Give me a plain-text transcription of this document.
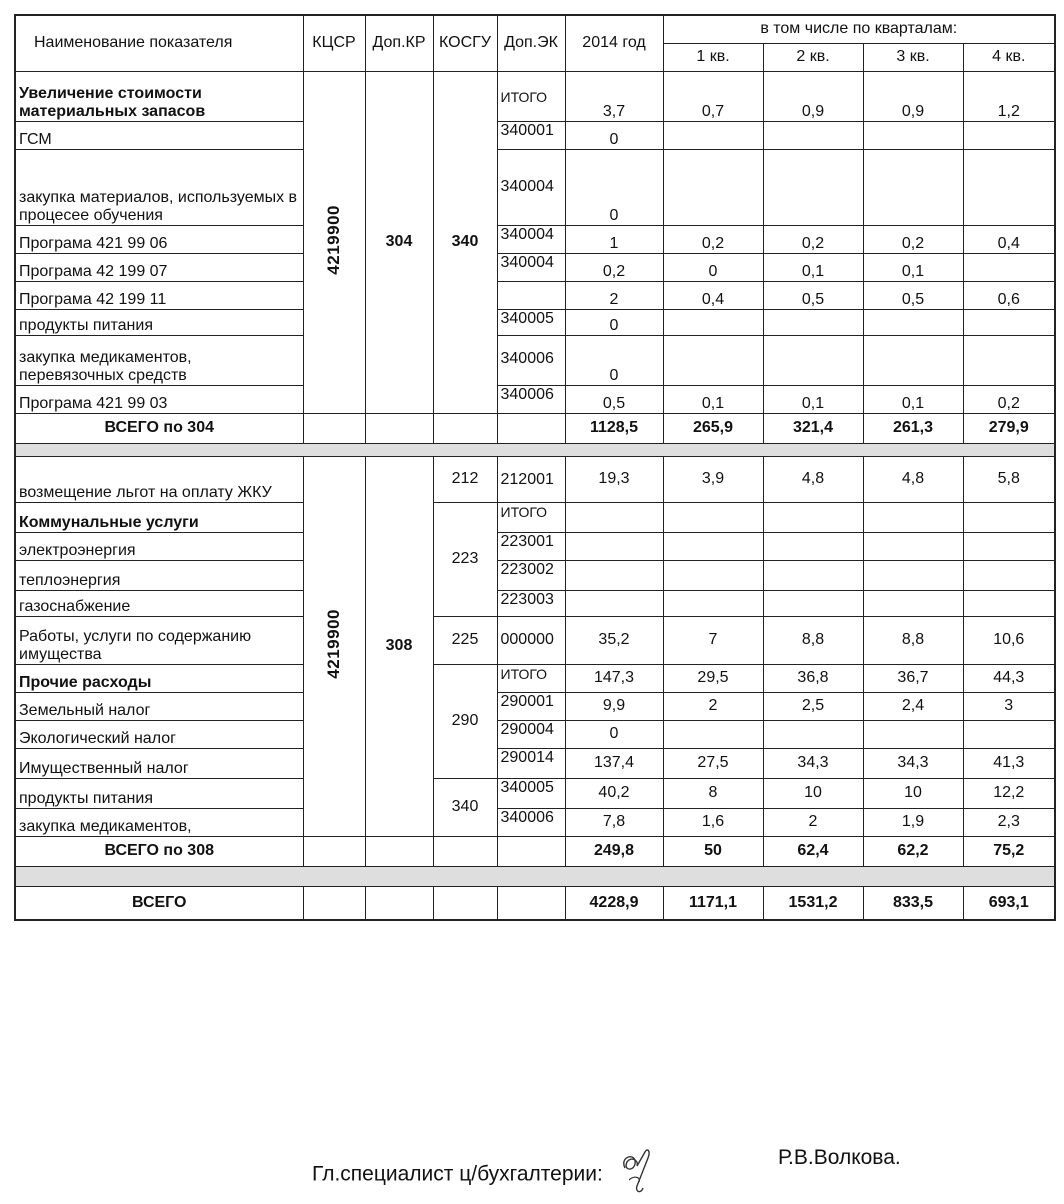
Наименование показателя	КЦСР	Доп.КР	КОСГУ	Доп.ЭК	2014 год	в том числе по кварталам:			
						1 кв.	2 кв.	3 кв.	4 кв.
Увеличение стоимости материальных запасов	4219900	304	340	ИТОГО	3,7	0,7	0,9	0,9	1,2
ГСМ				340001	0				
закупка материалов, используемых в процесее обучения				340004	0				
Програма 421 99 06				340004	1	0,2	0,2	0,2	0,4
Програма 42 199 07				340004	0,2	0	0,1	0,1	
Програма 42 199 11					2	0,4	0,5	0,5	0,6
продукты питания				340005	0				
закупка медикаментов, перевязочных средств				340006	0				
Програма 421 99 03				340006	0,5	0,1	0,1	0,1	0,2
ВСЕГО по 304					1128,5	265,9	321,4	261,3	279,9

возмещение льгот на оплату ЖКУ	4219900	308	212	212001	19,3	3,9	4,8	4,8	5,8
Коммунальные услуги			223	ИТОГО					
электроэнергия				223001					
теплоэнергия				223002					
газоснабжение				223003					
Работы, услуги по содержанию имущества			225	000000	35,2	7	8,8	8,8	10,6
Прочие расходы			290	ИТОГО	147,3	29,5	36,8	36,7	44,3
Земельный налог				290001	9,9	2	2,5	2,4	3
Экологический налог				290004	0				
Имущественный налог				290014	137,4	27,5	34,3	34,3	41,3
продукты питания			340	340005	40,2	8	10	10	12,2
закупка медикаментов,				340006	7,8	1,6	2	1,9	2,3
ВСЕГО по 308					249,8	50	62,4	62,2	75,2

ВСЕГО					4228,9	1171,1	1531,2	833,5	693,1
Гл.специалист ц/бухгалтерии:
Р.В.Волкова.
